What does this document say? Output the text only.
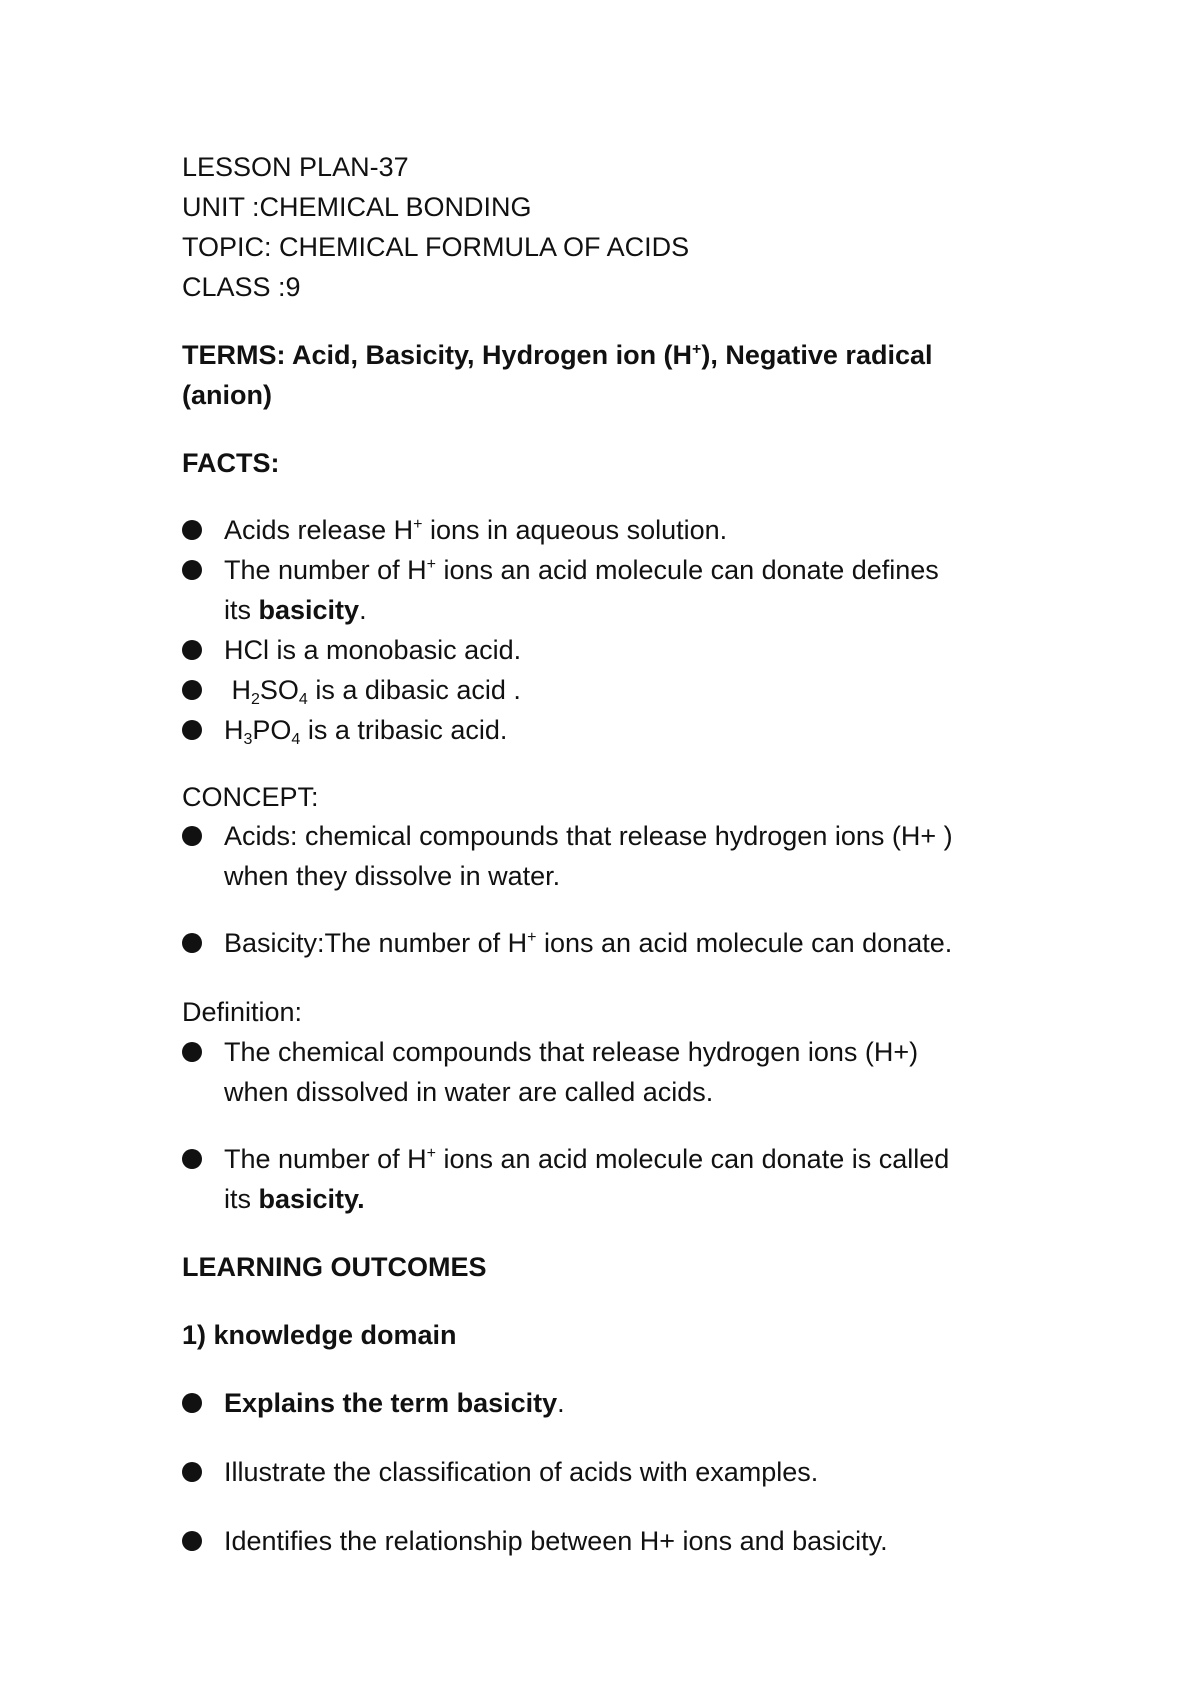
LESSON PLAN-37
UNIT :CHEMICAL BONDING
TOPIC: CHEMICAL FORMULA OF ACIDS
CLASS :9
TERMS: Acid, Basicity, Hydrogen ion (H+), Negative radical
(anion)
FACTS:
Acids release H+ ions in aqueous solution.
The number of H+ ions an acid molecule can donate defines
its basicity.
HCl is a monobasic acid.
$H_2SO_4$ is a dibasic acid .
$H_3PO_4$ is a tribasic acid.
CONCEPT:
Acids: chemical compounds that release hydrogen ions (H+ )
when they dissolve in water.
Basicity:The number of H+ ions an acid molecule can donate.
Definition:
The chemical compounds that release hydrogen ions (H+)
when dissolved in water are called acids.
The number of H+ ions an acid molecule can donate is called
its basicity.
LEARNING OUTCOMES
1) knowledge domain
Explains the term basicity.
Illustrate the classification of acids with examples.
Identifies the relationship between H+ ions and basicity.
